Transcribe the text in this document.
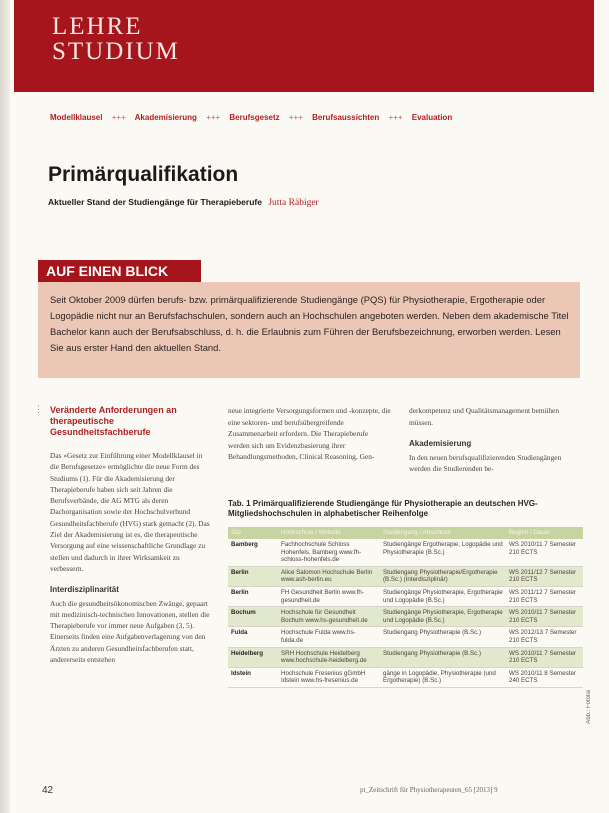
LEHRE
STUDIUM
Modellklausel +++ Akademisierung +++ Berufsgesetz +++ Berufsaussichten +++ Evaluation
Primärqualifikation
Aktueller Stand der Studiengänge für Therapieberufe Jutta Räbiger
AUF EINEN BLICK
Seit Oktober 2009 dürfen berufs- bzw. primärqualifizierende Studiengänge (PQS) für Physiotherapie, Ergotherapie oder Logopädie nicht nur an Berufsfachschulen, sondern auch an Hochschulen angeboten werden. Neben dem akademische Titel Bachelor kann auch der Berufsabschluss, d. h. die Erlaubnis zum Führen der Berufsbezeichnung, erworben werden. Lesen Sie aus erster Hand den aktuellen Stand.
⋮ Veränderte Anforderungen an therapeutische Gesundheitsfachberufe

Das »Gesetz zur Einführung einer Modellklausel in die Berufsgesetze« ermöglichte die neue Form des Studiums (1). Für die Akademisierung der Therapieberufe haben sich seit Jahren die Berufsverbände, die AG MTG als deren Dachorganisation sowie der Hochschulverbund Gesundheitsfachberufe (HVG) stark gemacht (2). Das Ziel der Akademisierung ist es, die therapeutische Versorgung auf eine wissenschaftliche Grundlage zu stellen und dadurch in ihrer Wirksamkeit zu verbessern.

Interdisziplinarität

Auch die gesundheitsökonomischen Zwänge, gepaart mit medizinisch-technischen Innovationen, stellen die Therapieberufe vor immer neue Aufgaben (3, 5). Einerseits finden eine Aufgabenverlagerung von den Ärzten zu anderen Gesundheitsfachberufen statt, andererseits entstehen

neue integrierte Versorgungsformen und -konzepte, die eine sektoren- und berufsübergreifende Zusammenarbeit erfordern. Die Therapieberufe werden sich um Evidenzbasierung ihrer Behandlungsmethoden, Clinical Reasoning, Gen-

derkompetenz und Qualitätsmanagement bemühen müssen.

Akademisierung

In den neuen berufsqualifizierenden Studiengängen werden die Studierenden be-

Tab. 1 Primärqualifizierende Studiengänge für Physiotherapie an deutschen HVG-Mitgliedshochschulen in alphabetischer Reihenfolge
Sitz	Hochschule / Website	Studiengang / Abschluss	Beginn / Dauer
Bamberg	Fachhochschule Schloss Hohenfels, Bamberg www.fh-schloss-hohenfels.de	Studiengänge Ergotherapie, Logopädie und Physiotherapie (B.Sc.)	WS 2010/11 7 Semester 210 ECTS
Berlin	Alice Salomon Hochschule Berlin www.ash-berlin.eu	Studiengang Physiotherapie/Ergotherapie (B.Sc.) (Interdisziplinär)	WS 2011/12 7 Semester 210 ECTS
Berlin	FH Gesundheit Berlin www.fh-gesundheit.de	Studiengänge Physiotherapie, Ergotherapie und Logopädie (B.Sc.)	WS 2011/12 7 Semester 210 ECTS
Bochum	Hochschule für Gesundheit Bochum www.hs-gesundheit.de	Studiengänge Physiotherapie, Ergotherapie und Logopädie (B.Sc.)	WS 2010/11 7 Semester 210 ECTS
Fulda	Hochschule Fulda www.hs-fulda.de	Studiengang Physiotherapie (B.Sc.)	WS 2012/13 7 Semester 210 ECTS
Heidelberg	SRH Hochschule Heidelberg www.hochschule-heidelberg.de	Studiengang Physiotherapie (B.Sc.)	WS 2010/11 7 Semester 210 ECTS
Idstein	Hochschule Fresenius gGmbH Idstein www.hs-fresenius.de	gänge in Logopädie, Physiotherapie (und Ergotherapie) (B.Sc.)	WS 2010/11 8 Semester 240 ECTS
Abb.: Fotolia
42	pt_Zeitschrift für Physiotherapeuten_65 [2013] 9
